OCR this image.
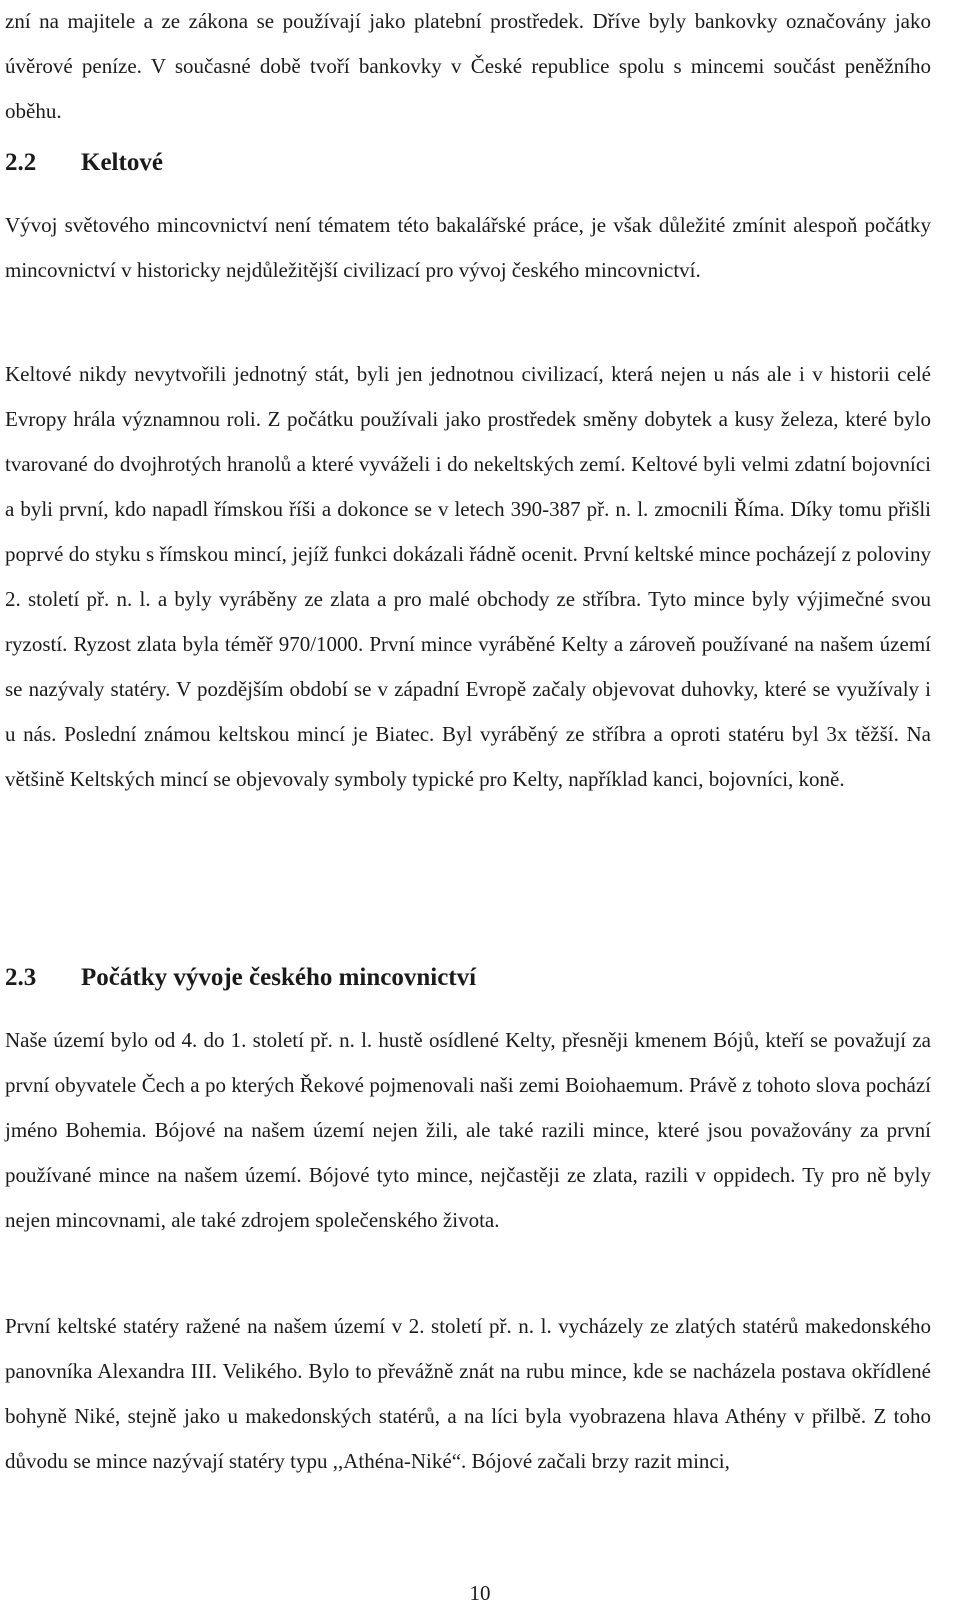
zní na majitele a ze zákona se používají jako platební prostředek. Dříve byly bankovky označovány jako úvěrové peníze. V současné době tvoří bankovky v České republice spolu s mincemi součást peněžního oběhu.

2.2 Keltové

Vývoj světového mincovnictví není tématem této bakalářské práce, je však důležité zmínit alespoň počátky mincovnictví v historicky nejdůležitější civilizací pro vývoj českého mincovnictví.

Keltové nikdy nevytvořili jednotný stát, byli jen jednotnou civilizací, která nejen u nás ale i v historii celé Evropy hrála významnou roli. Z počátku používali jako prostředek směny dobytek a kusy železa, které bylo tvarované do dvojhrotých hranolů a které vyváželi i do nekeltských zemí. Keltové byli velmi zdatní bojovníci a byli první, kdo napadl římskou říši a dokonce se v letech 390-387 př. n. l. zmocnili Říma. Díky tomu přišli poprvé do styku s římskou mincí, jejíž funkci dokázali řádně ocenit. První keltské mince pocházejí z poloviny 2. století př. n. l. a byly vyráběny ze zlata a pro malé obchody ze stříbra. Tyto mince byly výjimečné svou ryzostí. Ryzost zlata byla téměř 970/1000. První mince vyráběné Kelty a zároveň používané na našem území se nazývaly statéry. V pozdějším období se v západní Evropě začaly objevovat duhovky, které se využívaly i u nás. Poslední známou keltskou mincí je Biatec. Byl vyráběný ze stříbra a oproti statéru byl 3x těžší. Na většině Keltských mincí se objevovaly symboly typické pro Kelty, například kanci, bojovníci, koně.

2.3 Počátky vývoje českého mincovnictví

Naše území bylo od 4. do 1. století př. n. l. hustě osídlené Kelty, přesněji kmenem Bójů, kteří se považují za první obyvatele Čech a po kterých Řekové pojmenovali naši zemi Boiohaemum. Právě z tohoto slova pochází jméno Bohemia. Bójové na našem území nejen žili, ale také razili mince, které jsou považovány za první používané mince na našem území. Bójové tyto mince, nejčastěji ze zlata, razili v oppidech. Ty pro ně byly nejen mincovnami, ale také zdrojem společenského života.

První keltské statéry ražené na našem území v 2. století př. n. l. vycházely ze zlatých statérů makedonského panovníka Alexandra III. Velikého. Bylo to převážně znát na rubu mince, kde se nacházela postava okřídlené bohyně Niké, stejně jako u makedonských statérů, a na líci byla vyobrazena hlava Athény v přilbě. Z toho důvodu se mince nazývají statéry typu ,,Athéna-Niké“. Bójové začali brzy razit minci,

10
